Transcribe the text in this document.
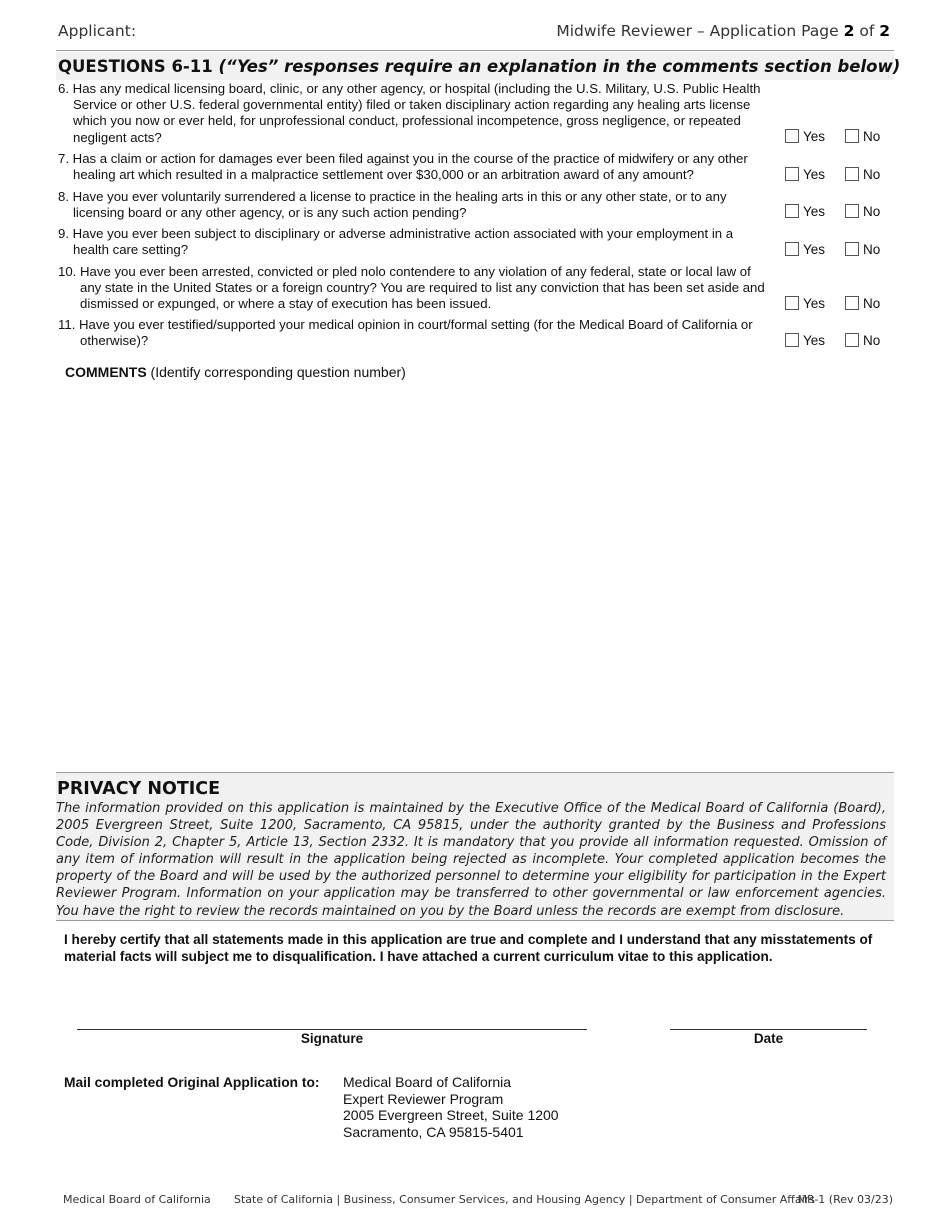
Applicant:	Midwife Reviewer – Application Page 2 of 2
QUESTIONS 6-11 (“Yes” responses require an explanation in the comments section below)
6. Has any medical licensing board, clinic, or any other agency, or hospital (including the U.S. Military, U.S. Public Health Service or other U.S. federal governmental entity) filed or taken disciplinary action regarding any healing arts license which you now or ever held, for unprofessional conduct, professional incompetence, gross negligence, or repeated negligent acts?	Yes	No
7. Has a claim or action for damages ever been filed against you in the course of the practice of midwifery or any other healing art which resulted in a malpractice settlement over $30,000 or an arbitration award of any amount?	Yes	No
8. Have you ever voluntarily surrendered a license to practice in the healing arts in this or any other state, or to any licensing board or any other agency, or is any such action pending?	Yes	No
9. Have you ever been subject to disciplinary or adverse administrative action associated with your employment in a health care setting?	Yes	No
10. Have you ever been arrested, convicted or pled nolo contendere to any violation of any federal, state or local law of any state in the United States or a foreign country? You are required to list any conviction that has been set aside and dismissed or expunged, or where a stay of execution has been issued.	Yes	No
11. Have you ever testified/supported your medical opinion in court/formal setting (for the Medical Board of California or otherwise)?	Yes	No
COMMENTS (Identify corresponding question number)
PRIVACY NOTICE
The information provided on this application is maintained by the Executive Office of the Medical Board of California (Board), 2005 Evergreen Street, Suite 1200, Sacramento, CA 95815, under the authority granted by the Business and Professions Code, Division 2, Chapter 5, Article 13, Section 2332. It is mandatory that you provide all information requested. Omission of any item of information will result in the application being rejected as incomplete. Your completed application becomes the property of the Board and will be used by the authorized personnel to determine your eligibility for participation in the Expert Reviewer Program. Information on your application may be transferred to other governmental or law enforcement agencies. You have the right to review the records maintained on you by the Board unless the records are exempt from disclosure.
I hereby certify that all statements made in this application are true and complete and I understand that any misstatements of material facts will subject me to disqualification. I have attached a current curriculum vitae to this application.
Signature	Date
Mail completed Original Application to: Medical Board of California
Expert Reviewer Program
2005 Evergreen Street, Suite 1200
Sacramento, CA 95815-5401
Medical Board of California State of California | Business, Consumer Services, and Housing Agency | Department of Consumer Affairs
MR-1 (Rev 03/23)
